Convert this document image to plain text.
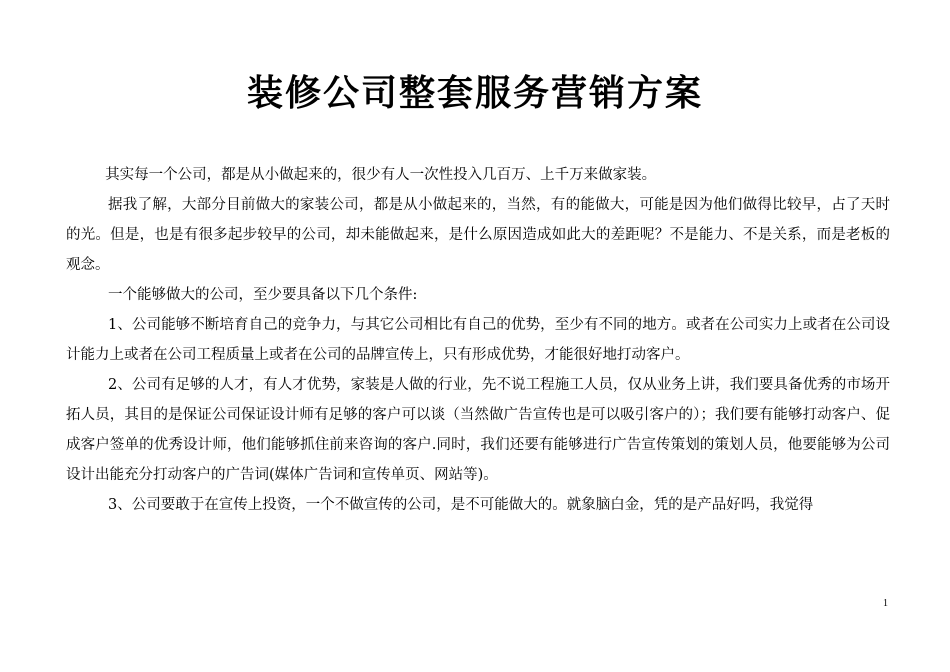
装修公司整套服务营销方案

其实每一个公司，都是从小做起来的，很少有人一次性投入几百万、上千万来做家装。

据我了解，大部分目前做大的家装公司，都是从小做起来的，当然，有的能做大，可能是因为他们做得比较早，占了天时的光。但是，也是有很多起步较早的公司，却未能做起来，是什么原因造成如此大的差距呢？不是能力、不是关系，而是老板的观念。

一个能够做大的公司，至少要具备以下几个条件:

1、公司能够不断培育自己的竞争力，与其它公司相比有自己的优势，至少有不同的地方。或者在公司实力上或者在公司设计能力上或者在公司工程质量上或者在公司的品牌宣传上，只有形成优势，才能很好地打动客户。

2、公司有足够的人才，有人才优势，家装是人做的行业，先不说工程施工人员，仅从业务上讲，我们要具备优秀的市场开拓人员，其目的是保证公司保证设计师有足够的客户可以谈（当然做广告宣传也是可以吸引客户的）；我们要有能够打动客户、促成客户签单的优秀设计师，他们能够抓住前来咨询的客户.同时，我们还要有能够进行广告宣传策划的策划人员，他要能够为公司设计出能充分打动客户的广告词(媒体广告词和宣传单页、网站等)。

3、公司要敢于在宣传上投资，一个不做宣传的公司，是不可能做大的。就象脑白金，凭的是产品好吗，我觉得

1
